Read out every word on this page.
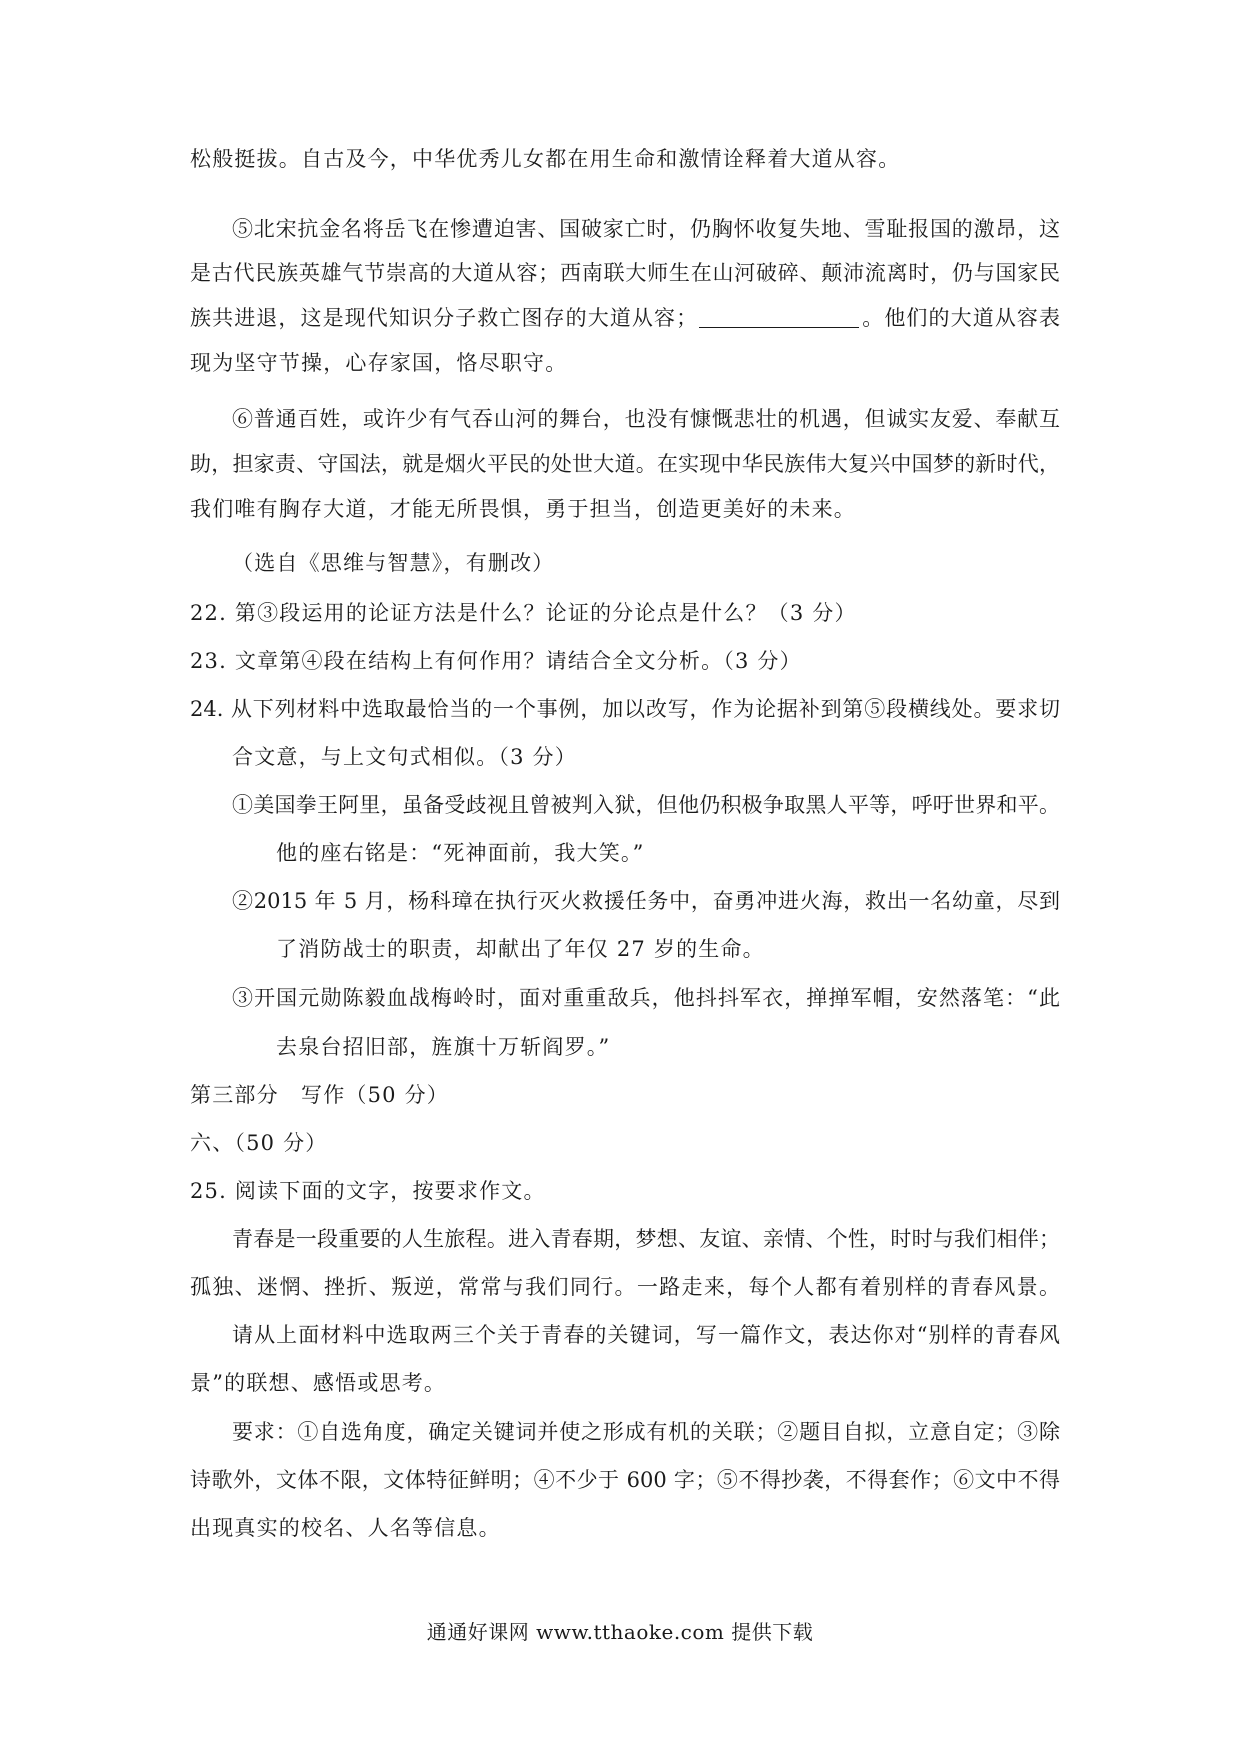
松般挺拔。自古及今，中华优秀儿女都在用生命和激情诠释着大道从容。
⑤北宋抗金名将岳飞在惨遭迫害、国破家亡时，仍胸怀收复失地、雪耻报国的激昂，这
是古代民族英雄气节崇高的大道从容；西南联大师生在山河破碎、颠沛流离时，仍与国家民
族共进退，这是现代知识分子救亡图存的大道从容；	。他们的大道从容表
现为坚守节操，心存家国，恪尽职守。
⑥普通百姓，或许少有气吞山河的舞台，也没有慷慨悲壮的机遇，但诚实友爱、奉献互
助，担家责、守国法，就是烟火平民的处世大道。在实现中华民族伟大复兴中国梦的新时代，
我们唯有胸存大道，才能无所畏惧，勇于担当，创造更美好的未来。
（选自《思维与智慧》，有删改）
22. 第③段运用的论证方法是什么？论证的分论点是什么？（3 分）
23. 文章第④段在结构上有何作用？请结合全文分析。（3 分）
24. 从下列材料中选取最恰当的一个事例，加以改写，作为论据补到第⑤段横线处。要求切
合文意，与上文句式相似。（3 分）
①美国拳王阿里，虽备受歧视且曾被判入狱，但他仍积极争取黑人平等，呼吁世界和平。
他的座右铭是：“死神面前，我大笑。”
②2015 年 5 月，杨科璋在执行灭火救援任务中，奋勇冲进火海，救出一名幼童，尽到
了消防战士的职责，却献出了年仅 27 岁的生命。
③开国元勋陈毅血战梅岭时，面对重重敌兵，他抖抖军衣，掸掸军帽，安然落笔：“此
去泉台招旧部，旌旗十万斩阎罗。”
第三部分　写作（50 分）
六、（50 分）
25. 阅读下面的文字，按要求作文。
青春是一段重要的人生旅程。进入青春期，梦想、友谊、亲情、个性，时时与我们相伴；
孤独、迷惘、挫折、叛逆，常常与我们同行。一路走来，每个人都有着别样的青春风景。
请从上面材料中选取两三个关于青春的关键词，写一篇作文，表达你对“别样的青春风
景”的联想、感悟或思考。
要求：①自选角度，确定关键词并使之形成有机的关联；②题目自拟，立意自定；③除
诗歌外，文体不限，文体特征鲜明；④不少于 600 字；⑤不得抄袭，不得套作；⑥文中不得
出现真实的校名、人名等信息。
通通好课网 www.tthaoke.com 提供下载
